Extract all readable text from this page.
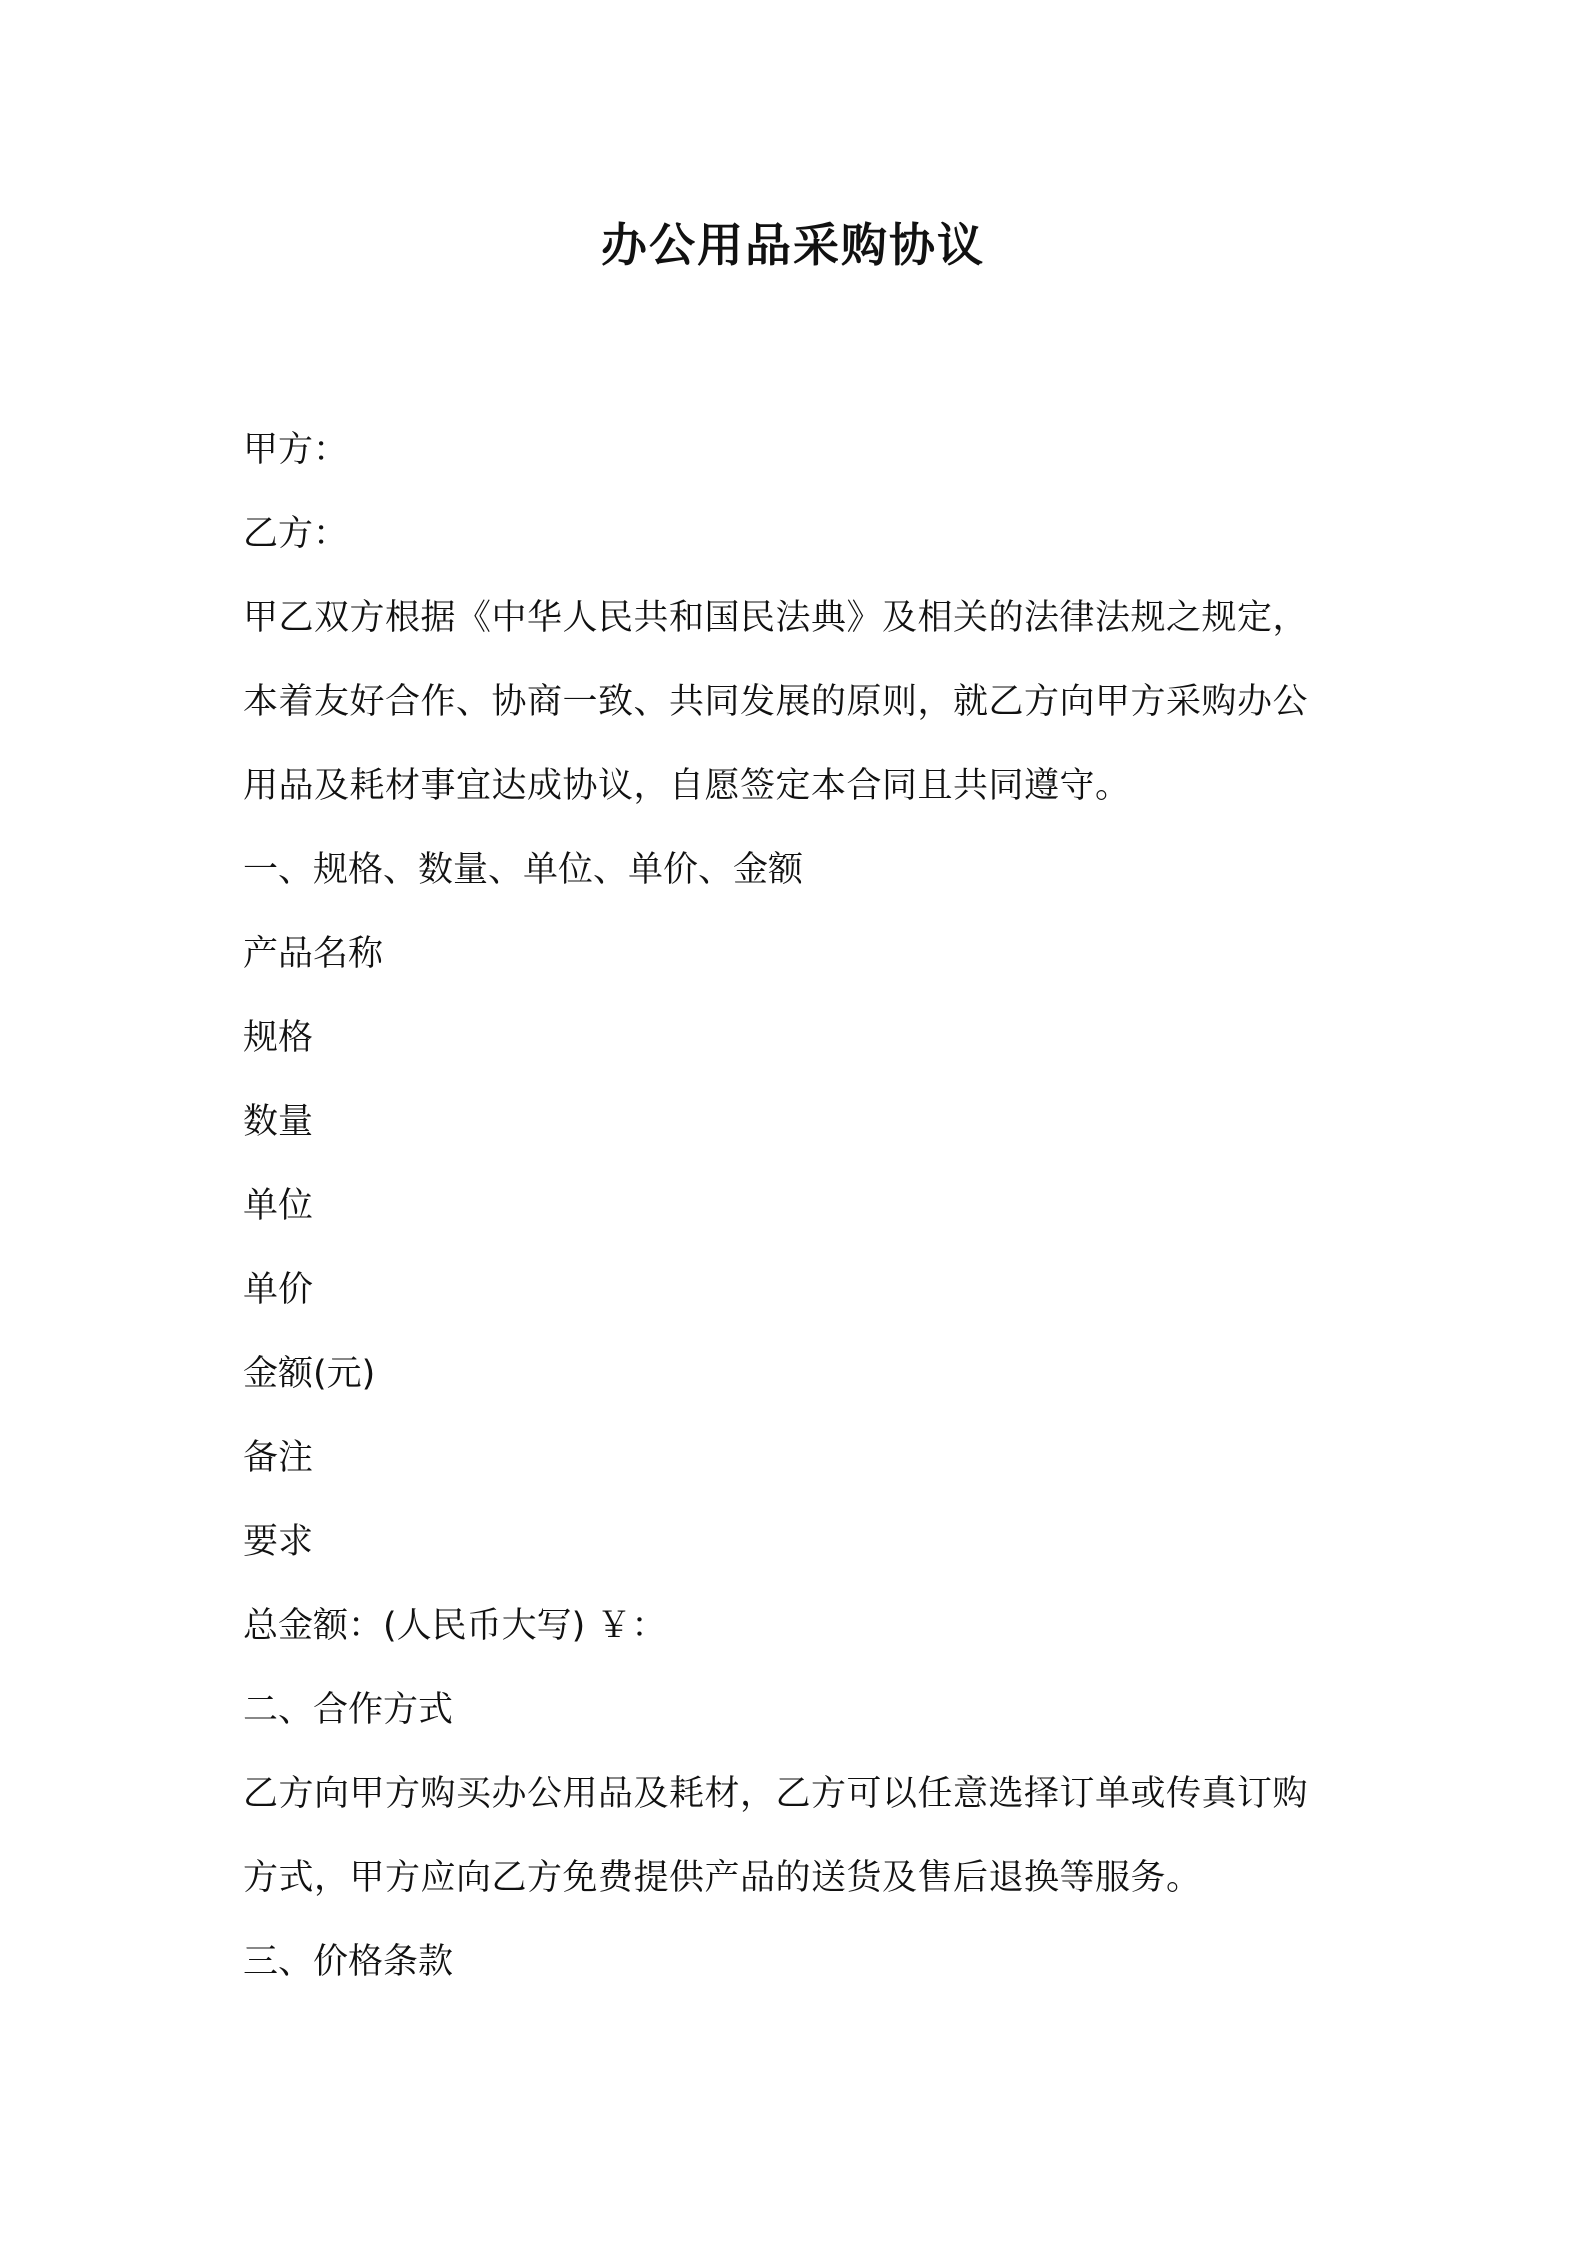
办公用品采购协议

甲方：

乙方：

甲乙双方根据《中华人民共和国民法典》及相关的法律法规之规定，

本着友好合作、协商一致、共同发展的原则，就乙方向甲方采购办公

用品及耗材事宜达成协议，自愿签定本合同且共同遵守。

一、规格、数量、单位、单价、金额

产品名称

规格

数量

单位

单价

金额(元)

备注

要求

总金额：(人民币大写) ￥：

二、合作方式

乙方向甲方购买办公用品及耗材，乙方可以任意选择订单或传真订购

方式，甲方应向乙方免费提供产品的送货及售后退换等服务。

三、价格条款
